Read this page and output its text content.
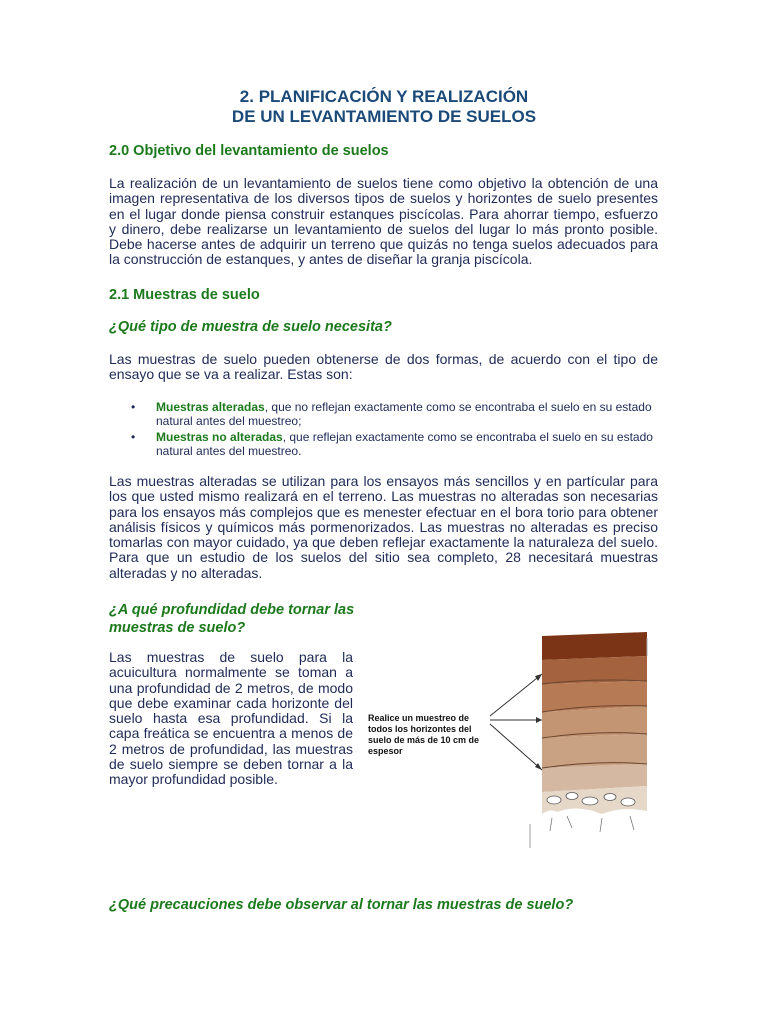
2. PLANIFICACIÓN Y REALIZACIÓN
DE UN LEVANTAMIENTO DE SUELOS
2.0 Objetivo del levantamiento de suelos
La realización de un levantamiento de suelos tiene como objetivo la obtención de una imagen representativa de los diversos tipos de suelos y horizontes de suelo presentes en el lugar donde piensa construir estanques piscícolas. Para ahorrar tiempo, esfuerzo y dinero, debe realizarse un levantamiento de suelos del lugar lo más pronto posible. Debe hacerse antes de adquirir un terreno que quizás no tenga suelos adecuados para la construcción de estanques, y antes de diseñar la granja piscícola.
2.1 Muestras de suelo
¿Qué tipo de muestra de suelo necesita?
Las muestras de suelo pueden obtenerse de dos formas, de acuerdo con el tipo de ensayo que se va a realizar. Estas son:
• Muestras alteradas, que no reflejan exactamente como se encontraba el suelo en su estado natural antes del muestreo;
• Muestras no alteradas, que reflejan exactamente como se encontraba el suelo en su estado natural antes del muestreo.
Las muestras alteradas se utilizan para los ensayos más sencillos y en partícular para los que usted mismo realizará en el terreno. Las muestras no alteradas son necesarias para los ensayos más complejos que es menester efectuar en el bora torio para obtener análisis físicos y químicos más pormenorizados. Las muestras no alteradas es preciso tomarlas con mayor cuidado, ya que deben reflejar exactamente la naturaleza del suelo. Para que un estudio de los suelos del sitio sea completo, 28 necesitará muestras alteradas y no alteradas.
¿A qué profundidad debe tornar las muestras de suelo?
Las muestras de suelo para la acuicultura normalmente se toman a una profundidad de 2 metros, de modo que debe examinar cada horizonte del suelo hasta esa profundidad. Si la capa freática se encuentra a menos de 2 metros de profundidad, las muestras de suelo siempre se deben tornar a la mayor profundidad posible.
Realice un muestreo de todos los horizontes del suelo de más de 10 cm de espesor
¿Qué precauciones debe observar al tornar las muestras de suelo?
